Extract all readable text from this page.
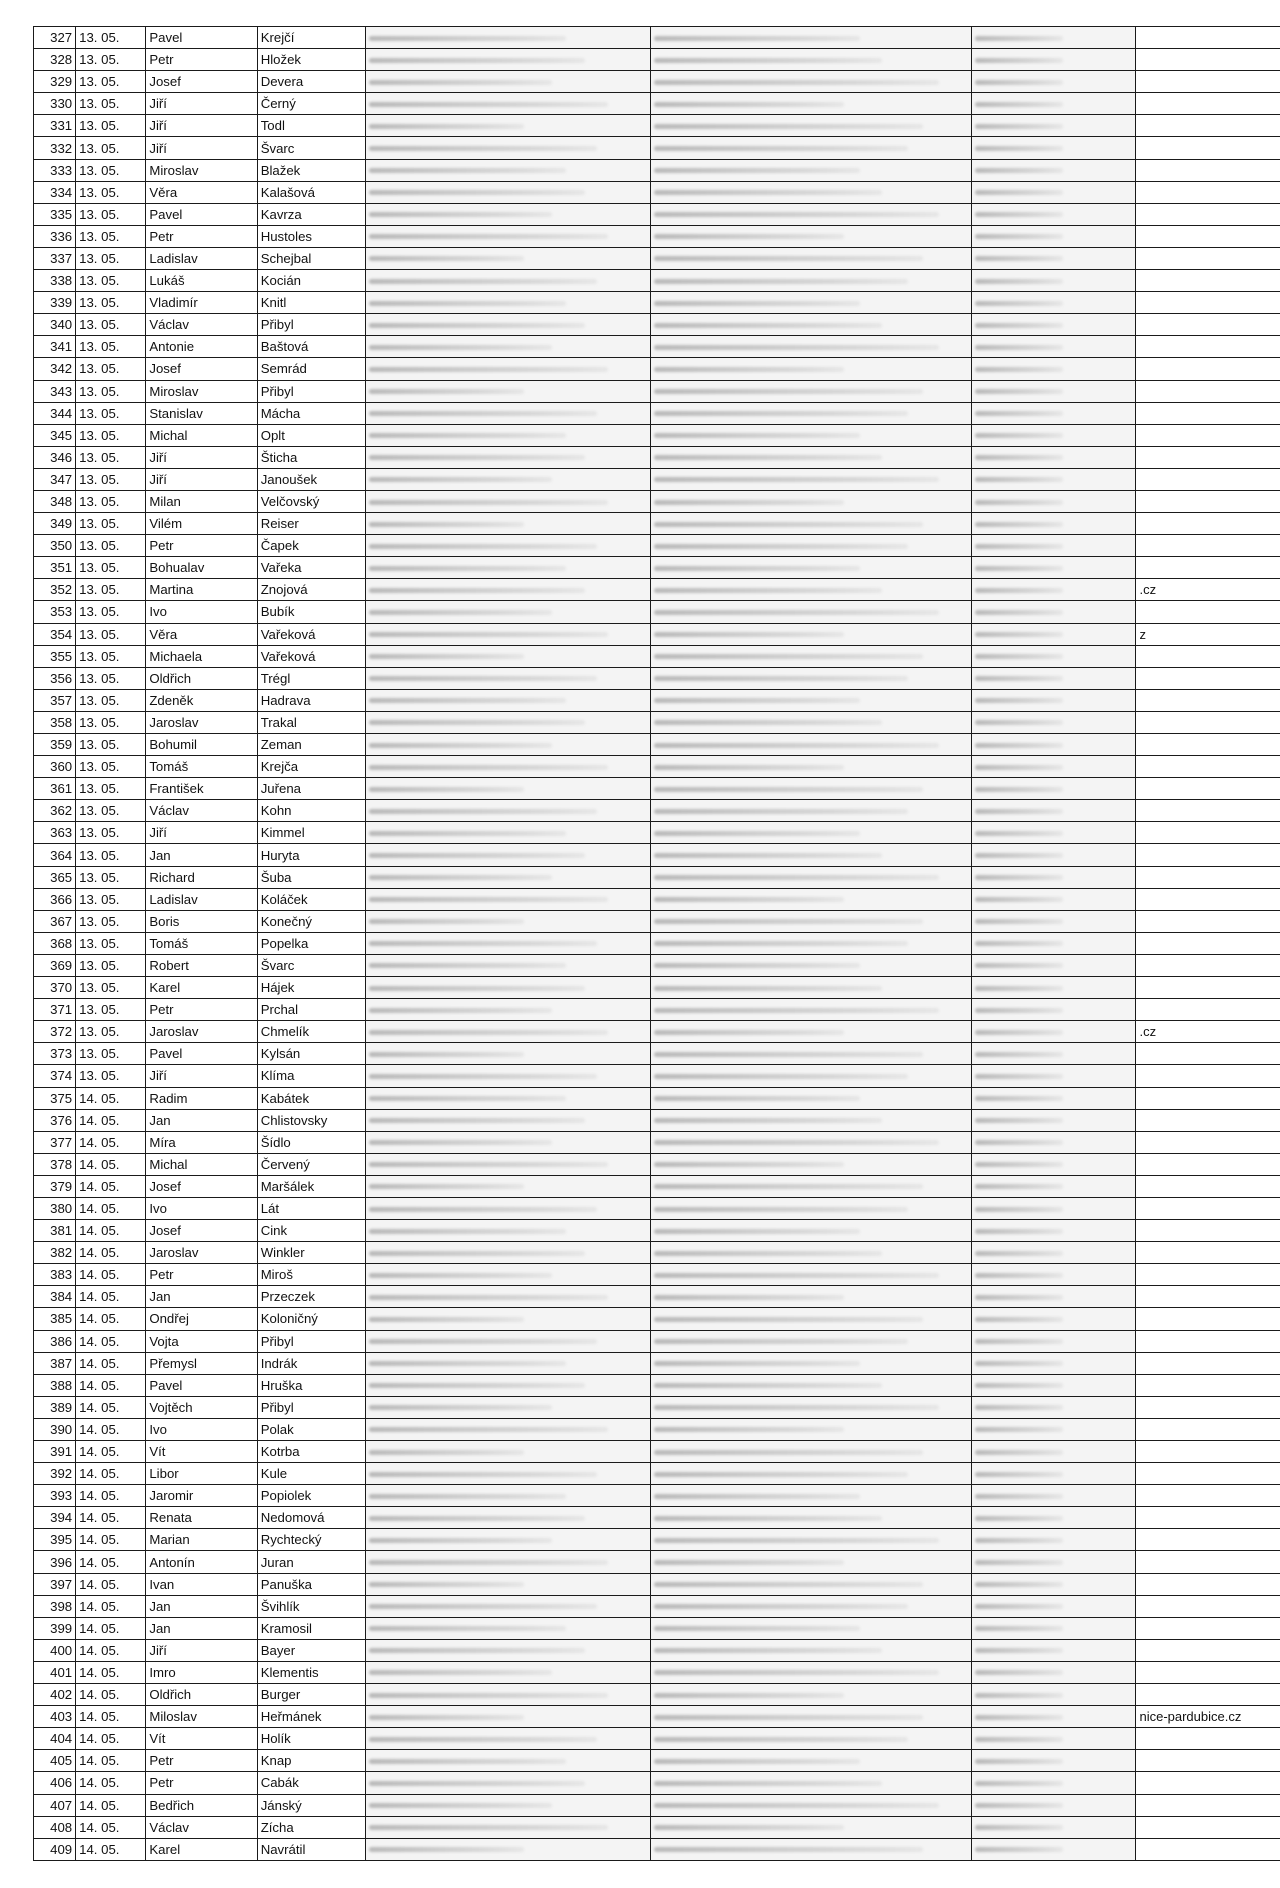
327	13. 05.	Pavel	Krejčí	

328	13. 05.	Petr	Hložek	

329	13. 05.	Josef	Devera	

330	13. 05.	Jiří	Černý	

331	13. 05.	Jiří	Todl	

332	13. 05.	Jiří	Švarc	

333	13. 05.	Miroslav	Blažek	

334	13. 05.	Věra	Kalašová	

335	13. 05.	Pavel	Kavrza	

336	13. 05.	Petr	Hustoles	

337	13. 05.	Ladislav	Schejbal	

338	13. 05.	Lukáš	Kocián	

339	13. 05.	Vladimír	Knitl	

340	13. 05.	Václav	Přibyl	

341	13. 05.	Antonie	Baštová	

342	13. 05.	Josef	Semrád	

343	13. 05.	Miroslav	Přibyl	

344	13. 05.	Stanislav	Mácha	

345	13. 05.	Michal	Oplt	

346	13. 05.	Jiří	Šticha	

347	13. 05.	Jiří	Janoušek	

348	13. 05.	Milan	Velčovský	

349	13. 05.	Vilém	Reiser	

350	13. 05.	Petr	Čapek	

351	13. 05.	Bohualav	Vařeka	

352	13. 05.	Martina	Znojová				.cz
353	13. 05.	Ivo	Bubík	

354	13. 05.	Věra	Vařeková				z
355	13. 05.	Michaela	Vařeková	

356	13. 05.	Oldřich	Trégl	

357	13. 05.	Zdeněk	Hadrava	

358	13. 05.	Jaroslav	Trakal	

359	13. 05.	Bohumil	Zeman	

360	13. 05.	Tomáš	Krejča	

361	13. 05.	František	Juřena	

362	13. 05.	Václav	Kohn	

363	13. 05.	Jiří	Kimmel	

364	13. 05.	Jan	Huryta	

365	13. 05.	Richard	Šuba	

366	13. 05.	Ladislav	Koláček	

367	13. 05.	Boris	Konečný	

368	13. 05.	Tomáš	Popelka	

369	13. 05.	Robert	Švarc	

370	13. 05.	Karel	Hájek	

371	13. 05.	Petr	Prchal	

372	13. 05.	Jaroslav	Chmelík				.cz
373	13. 05.	Pavel	Kylsán	

374	13. 05.	Jiří	Klíma	

375	14. 05.	Radim	Kabátek	

376	14. 05.	Jan	Chlistovsky	

377	14. 05.	Míra	Šídlo	

378	14. 05.	Michal	Červený	

379	14. 05.	Josef	Maršálek	

380	14. 05.	Ivo	Lát	

381	14. 05.	Josef	Cink	

382	14. 05.	Jaroslav	Winkler	

383	14. 05.	Petr	Miroš	

384	14. 05.	Jan	Przeczek	

385	14. 05.	Ondřej	Koloničný	

386	14. 05.	Vojta	Přibyl	

387	14. 05.	Přemysl	Indrák	

388	14. 05.	Pavel	Hruška	

389	14. 05.	Vojtěch	Přibyl	

390	14. 05.	Ivo	Polak	

391	14. 05.	Vít	Kotrba	

392	14. 05.	Libor	Kule	

393	14. 05.	Jaromir	Popiolek	

394	14. 05.	Renata	Nedomová	

395	14. 05.	Marian	Rychtecký	

396	14. 05.	Antonín	Juran	

397	14. 05.	Ivan	Panuška	

398	14. 05.	Jan	Švihlík	

399	14. 05.	Jan	Kramosil	

400	14. 05.	Jiří	Bayer	

401	14. 05.	Imro	Klementis	

402	14. 05.	Oldřich	Burger	

403	14. 05.	Miloslav	Heřmánek				nice-pardubice.cz
404	14. 05.	Vít	Holík	

405	14. 05.	Petr	Knap	

406	14. 05.	Petr	Cabák	

407	14. 05.	Bedřich	Jánský	

408	14. 05.	Václav	Zícha	

409	14. 05.	Karel	Navrátil	
